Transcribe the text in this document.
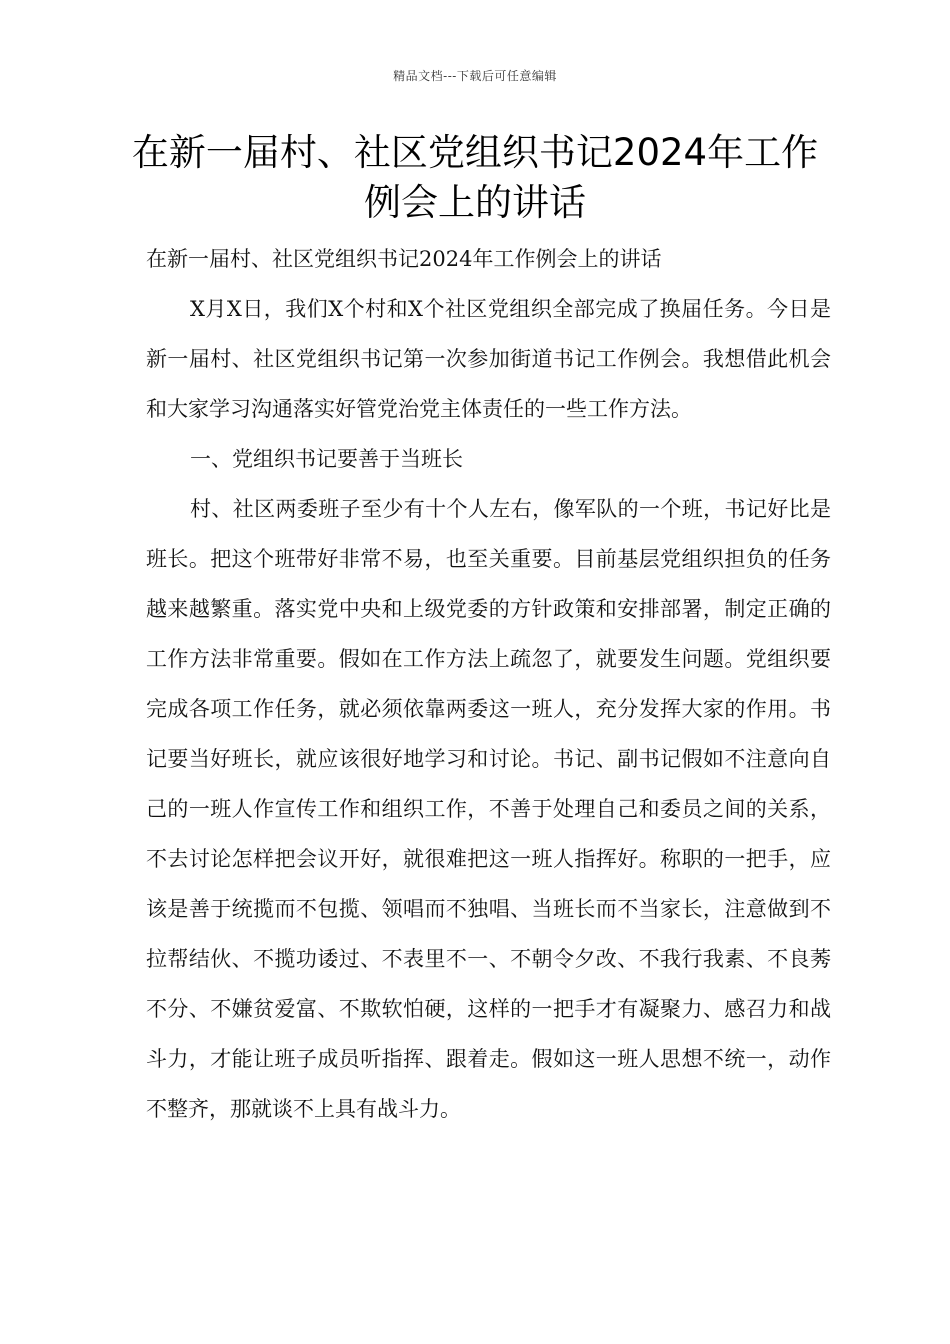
精品文档---下载后可任意编辑
在新一届村、社区党组织书记2024年工作例会上的讲话

在新一届村、社区党组织书记2024年工作例会上的讲话

X月X日，我们X个村和X个社区党组织全部完成了换届任务。今日是新一届村、社区党组织书记第一次参加街道书记工作例会。我想借此机会和大家学习沟通落实好管党治党主体责任的一些工作方法。

一、党组织书记要善于当班长

村、社区两委班子至少有十个人左右，像军队的一个班，书记好比是班长。把这个班带好非常不易，也至关重要。目前基层党组织担负的任务越来越繁重。落实党中央和上级党委的方针政策和安排部署，制定正确的工作方法非常重要。假如在工作方法上疏忽了，就要发生问题。党组织要完成各项工作任务，就必须依靠两委这一班人，充分发挥大家的作用。书记要当好班长，就应该很好地学习和讨论。书记、副书记假如不注意向自己的一班人作宣传工作和组织工作，不善于处理自己和委员之间的关系，不去讨论怎样把会议开好，就很难把这一班人指挥好。称职的一把手，应该是善于统揽而不包揽、领唱而不独唱、当班长而不当家长，注意做到不拉帮结伙、不揽功诿过、不表里不一、不朝令夕改、不我行我素、不良莠不分、不嫌贫爱富、不欺软怕硬，这样的一把手才有凝聚力、感召力和战斗力，才能让班子成员听指挥、跟着走。假如这一班人思想不统一，动作不整齐，那就谈不上具有战斗力。
